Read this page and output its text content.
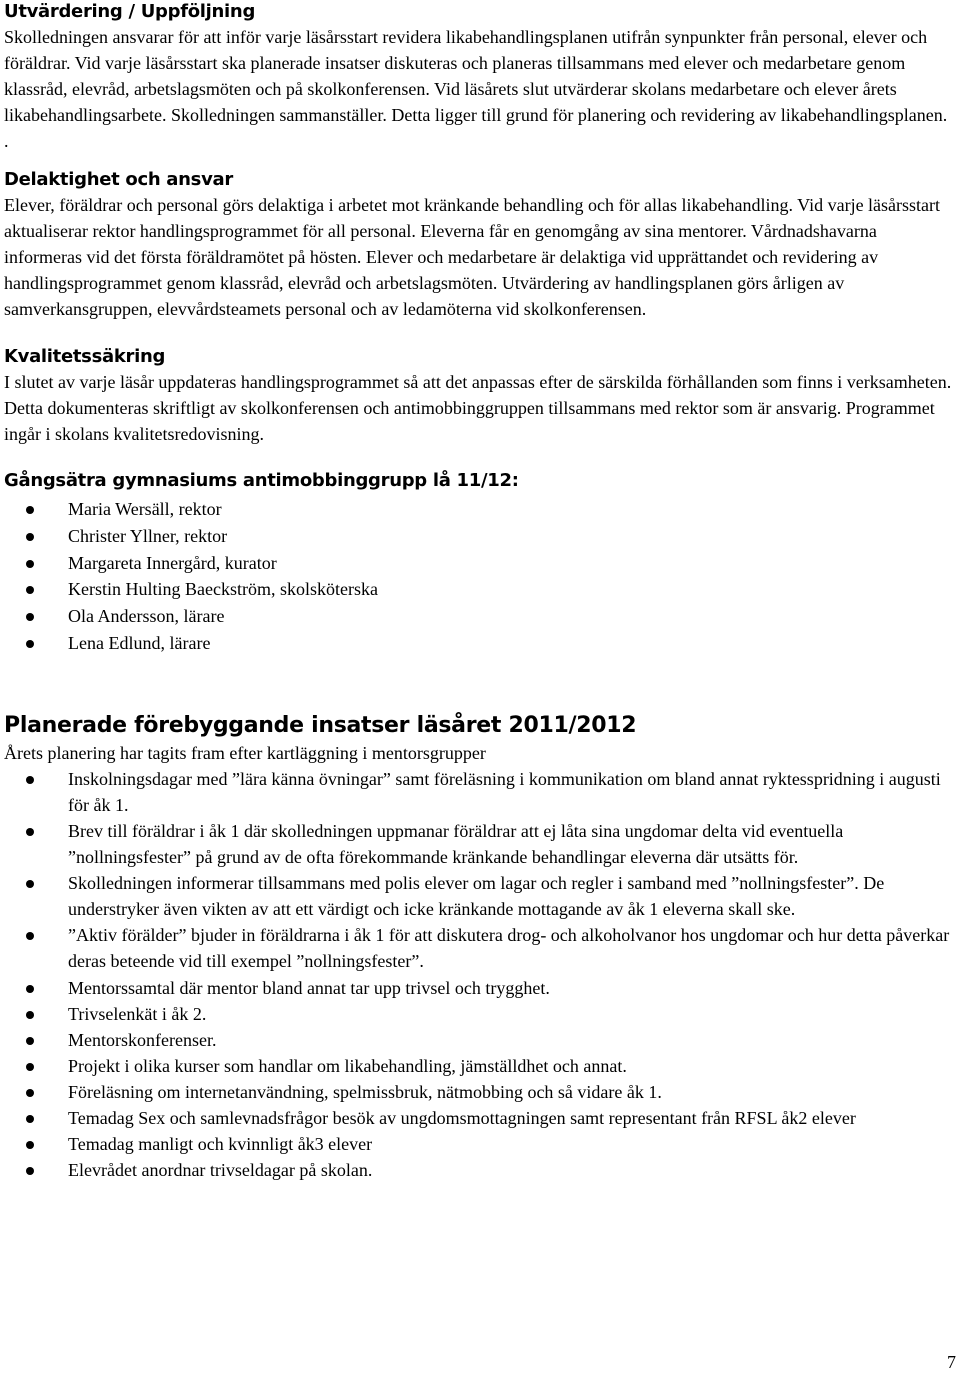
Utvärdering / Uppföljning

Skolledningen ansvarar för att inför varje läsårsstart revidera likabehandlingsplanen utifrån synpunkter från personal, elever och föräldrar. Vid varje läsårsstart ska planerade insatser diskuteras och planeras tillsammans med elever och medarbetare genom klassråd, elevråd, arbetslagsmöten och på skolkonferensen. Vid läsårets slut utvärderar skolans medarbetare och elever årets likabehandlingsarbete. Skolledningen sammanställer. Detta ligger till grund för planering och revidering av likabehandlingsplanen.

.

Delaktighet och ansvar

Elever, föräldrar och personal görs delaktiga i arbetet mot kränkande behandling och för allas likabehandling. Vid varje läsårsstart aktualiserar rektor handlingsprogrammet för all personal. Eleverna får en genomgång av sina mentorer. Vårdnadshavarna informeras vid det första föräldramötet på hösten. Elever och medarbetare är delaktiga vid upprättandet och revidering av handlingsprogrammet genom klassråd, elevråd och arbetslagsmöten. Utvärdering av handlingsplanen görs årligen av samverkansgruppen, elevvårdsteamets personal och av ledamöterna vid skolkonferensen.

Kvalitetssäkring

I slutet av varje läsår uppdateras handlingsprogrammet så att det anpassas efter de särskilda förhållanden som finns i verksamheten. Detta dokumenteras skriftligt av skolkonferensen och antimobbinggruppen tillsammans med rektor som är ansvarig. Programmet ingår i skolans kvalitetsredovisning.

Gångsätra gymnasiums antimobbinggrupp lå 11/12:
Maria Wersäll, rektor
Christer Yllner, rektor
Margareta Innergård, kurator
Kerstin Hulting Baeckström, skolsköterska
Ola Andersson, lärare
Lena Edlund, lärare
Planerade förebyggande insatser läsåret 2011/2012

Årets planering har tagits fram efter kartläggning i mentorsgrupper

Inskolningsdagar med ”lära känna övningar” samt föreläsning i kommunikation om bland annat ryktesspridning i augusti för åk 1.
Brev till föräldrar i åk 1 där skolledningen uppmanar föräldrar att ej låta sina ungdomar delta vid eventuella ”nollningsfester” på grund av de ofta förekommande kränkande behandlingar eleverna där utsätts för.
Skolledningen informerar tillsammans med polis elever om lagar och regler i samband med ”nollningsfester”. De understryker även vikten av att ett värdigt och icke kränkande mottagande av åk 1 eleverna skall ske.
”Aktiv förälder” bjuder in föräldrarna i åk 1 för att diskutera drog- och alkoholvanor hos ungdomar och hur detta påverkar deras beteende vid till exempel ”nollningsfester”.
Mentorssamtal där mentor bland annat tar upp trivsel och trygghet.
Trivselenkät i åk 2.
Mentorskonferenser.
Projekt i olika kurser som handlar om likabehandling, jämställdhet och annat.
Föreläsning om internetanvändning, spelmissbruk, nätmobbing och så vidare åk 1.
Temadag Sex och samlevnadsfrågor besök av ungdomsmottagningen samt representant från RFSL åk2 elever
Temadag manligt och kvinnligt åk3 elever
Elevrådet anordnar trivseldagar på skolan.
7
